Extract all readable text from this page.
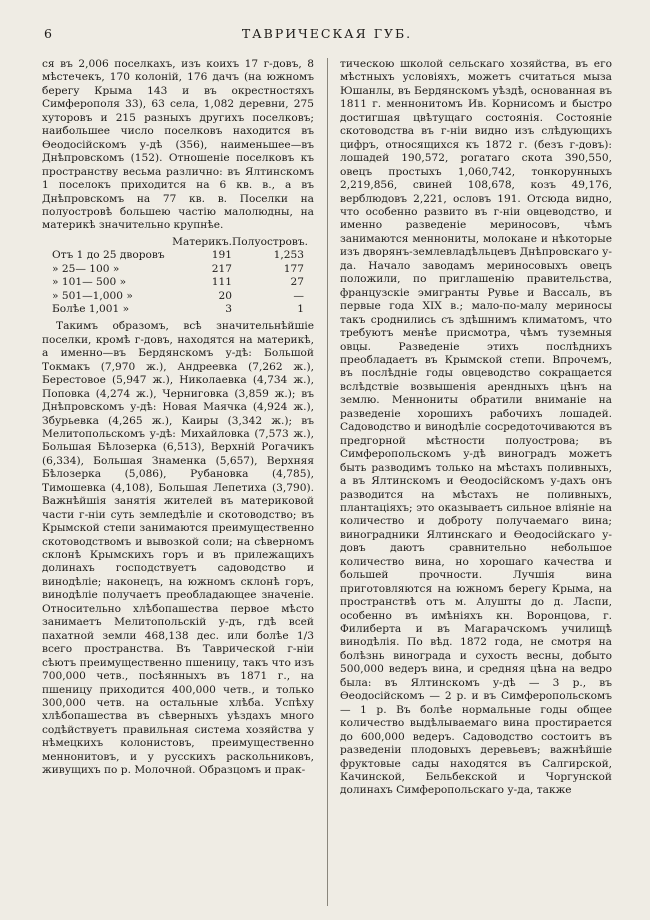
6	ТАВРИЧЕСКАЯ ГУБ.

ся въ 2,006 поселкахъ, изъ коихъ 17 г-довъ, 8 мѣстечекъ, 170 колоній, 176 дачъ (на южномъ берегу Крыма 143 и въ окрестностяхъ Симферополя 33), 63 села, 1,082 деревни, 275 хуторовъ и 215 разныхъ другихъ поселковъ; наибольшее число поселковъ находится въ Ѳеодосійскомъ у-дѣ (356), наименьшее—въ Днѣпровскомъ (152). Отношеніе поселковъ къ пространству весьма различно: въ Ялтинскомъ 1 поселокъ приходится на 6 кв. в., а въ Днѣпровскомъ на 77 кв. в. Поселки на полуостровѣ большею частію малолюдны, на материкѣ значительно крупнѣе.

Материкъ. Полуостровъ.
Отъ 1 до 25 дворовъ	191	1,253
» 25— 100 »	217	177
» 101— 500 »	111	27
» 501—1,000 »	20	—
Болѣе 1,001 »	3	1

Такимъ образомъ, всѣ значительнѣйшіе поселки, кромѣ г-довъ, находятся на материкѣ, а именно—въ Бердянскомъ у-дѣ: Большой Токмакъ (7,970 ж.), Андреевка (7,262 ж.), Берестовое (5,947 ж.), Николаевка (4,734 ж.), Поповка (4,274 ж.), Черниговка (3,859 ж.); въ Днѣпровскомъ у-дѣ: Новая Маячка (4,924 ж.), Збурьевка (4,265 ж.), Каиры (3,342 ж.); въ Мелитопольскомъ у-дѣ: Михайловка (7,573 ж.), Большая Бѣлозерка (6,513), Верхній Рогачикъ (6,334), Большая Знаменка (5,657), Верхняя Бѣлозерка (5,086), Рубановка (4,785), Тимошевка (4,108), Большая Лепетиха (3,790). Важнѣйшія занятія жителей въ материковой части г-ніи суть земледѣліе и скотоводство; въ Крымской степи занимаются преимущественно скотоводствомъ и вывозкой соли; на сѣверномъ склонѣ Крымскихъ горъ и въ прилежащихъ долинахъ господствуетъ садоводство и винодѣліе; наконецъ, на южномъ склонѣ горъ, винодѣліе получаетъ преобладающее значеніе. Относительно хлѣбопашества первое мѣсто занимаетъ Мелитопольскій у-дъ, гдѣ всей пахатной земли 468,138 дес. или болѣе 1/3 всего пространства. Въ Таврической г-ніи сѣютъ преимущественно пшеницу, такъ что изъ 700,000 четв., посѣянныхъ въ 1871 г., на пшеницу приходится 400,000 четв., и только 300,000 четв. на остальные хлѣба. Успѣху хлѣбопашества въ сѣверныхъ уѣздахъ много содѣйствуетъ правильная система хозяйства у нѣмецкихъ колонистовъ, преимущественно меннонитовъ, и у русскихъ раскольниковъ, живущихъ по р. Молочной. Образцомъ и прак-

тическою школой сельскаго хозяйства, въ его мѣстныхъ условіяхъ, можетъ считаться мыза Юшанлы, въ Бердянскомъ уѣздѣ, основанная въ 1811 г. меннонитомъ Ив. Корнисомъ и быстро достигшая цвѣтущаго состоянія. Состояніе скотоводства въ г-ніи видно изъ слѣдующихъ цифръ, относящихся къ 1872 г. (безъ г-довъ): лошадей 190,572, рогатаго скота 390,550, овецъ простыхъ 1,060,742, тонкорунныхъ 2,219,856, свиней 108,678, козъ 49,176, верблюдовъ 2,221, ословъ 191. Отсюда видно, что особенно развито въ г-ніи овцеводство, и именно разведеніе мериносовъ, чѣмъ занимаются меннониты, молокане и нѣкоторые изъ дворянъ-землевладѣльцевъ Днѣпровскаго у-да. Начало заводамъ мериносовыхъ овецъ положили, по приглашенію правительства, французскіе эмигранты Рувье и Вассаль, въ первые года XIX в.; мало-по-малу мериносы такъ сроднились съ здѣшнимъ климатомъ, что требуютъ менѣе присмотра, чѣмъ туземныя овцы. Разведеніе этихъ послѣднихъ преобладаетъ въ Крымской степи. Впрочемъ, въ послѣдніе годы овцеводство сокращается вслѣдствіе возвышенія арендныхъ цѣнъ на землю. Меннониты обратили вниманіе на разведеніе хорошихъ рабочихъ лошадей. Садоводство и винодѣліе сосредоточиваются въ предгорной мѣстности полуострова; въ Симферопольскомъ у-дѣ виноградъ можетъ быть разводимъ только на мѣстахъ поливныхъ, а въ Ялтинскомъ и Ѳеодосійскомъ у-дахъ онъ разводится на мѣстахъ не поливныхъ, плантаціяхъ; это оказываетъ сильное вліяніе на количество и доброту получаемаго вина; виноградники Ялтинскаго и Ѳеодосійскаго у-довъ даютъ сравнительно небольшое количество вина, но хорошаго качества и большей прочности. Лучшія вина приготовляются на южномъ берегу Крыма, на пространствѣ отъ м. Алушты до д. Ласпи, особенно въ имѣніяхъ кн. Воронцова, г. Филиберта и въ Магарачскомъ училищѣ винодѣлія. По вѣд. 1872 года, не смотря на болѣзнь винограда и сухость весны, добыто 500,000 ведеръ вина, и средняя цѣна на ведро была: въ Ялтинскомъ у-дѣ — 3 р., въ Ѳеодосійскомъ — 2 р. и въ Симферопольскомъ — 1 р. Въ болѣе нормальные годы общее количество выдѣлываемаго вина простирается до 600,000 ведеръ. Садоводство состоитъ въ разведеніи плодовыхъ деревьевъ; важнѣйшіе фруктовые сады находятся въ Салгирской, Качинской, Бельбекской и Чоргунской долинахъ Симферопольскаго у-да, также
